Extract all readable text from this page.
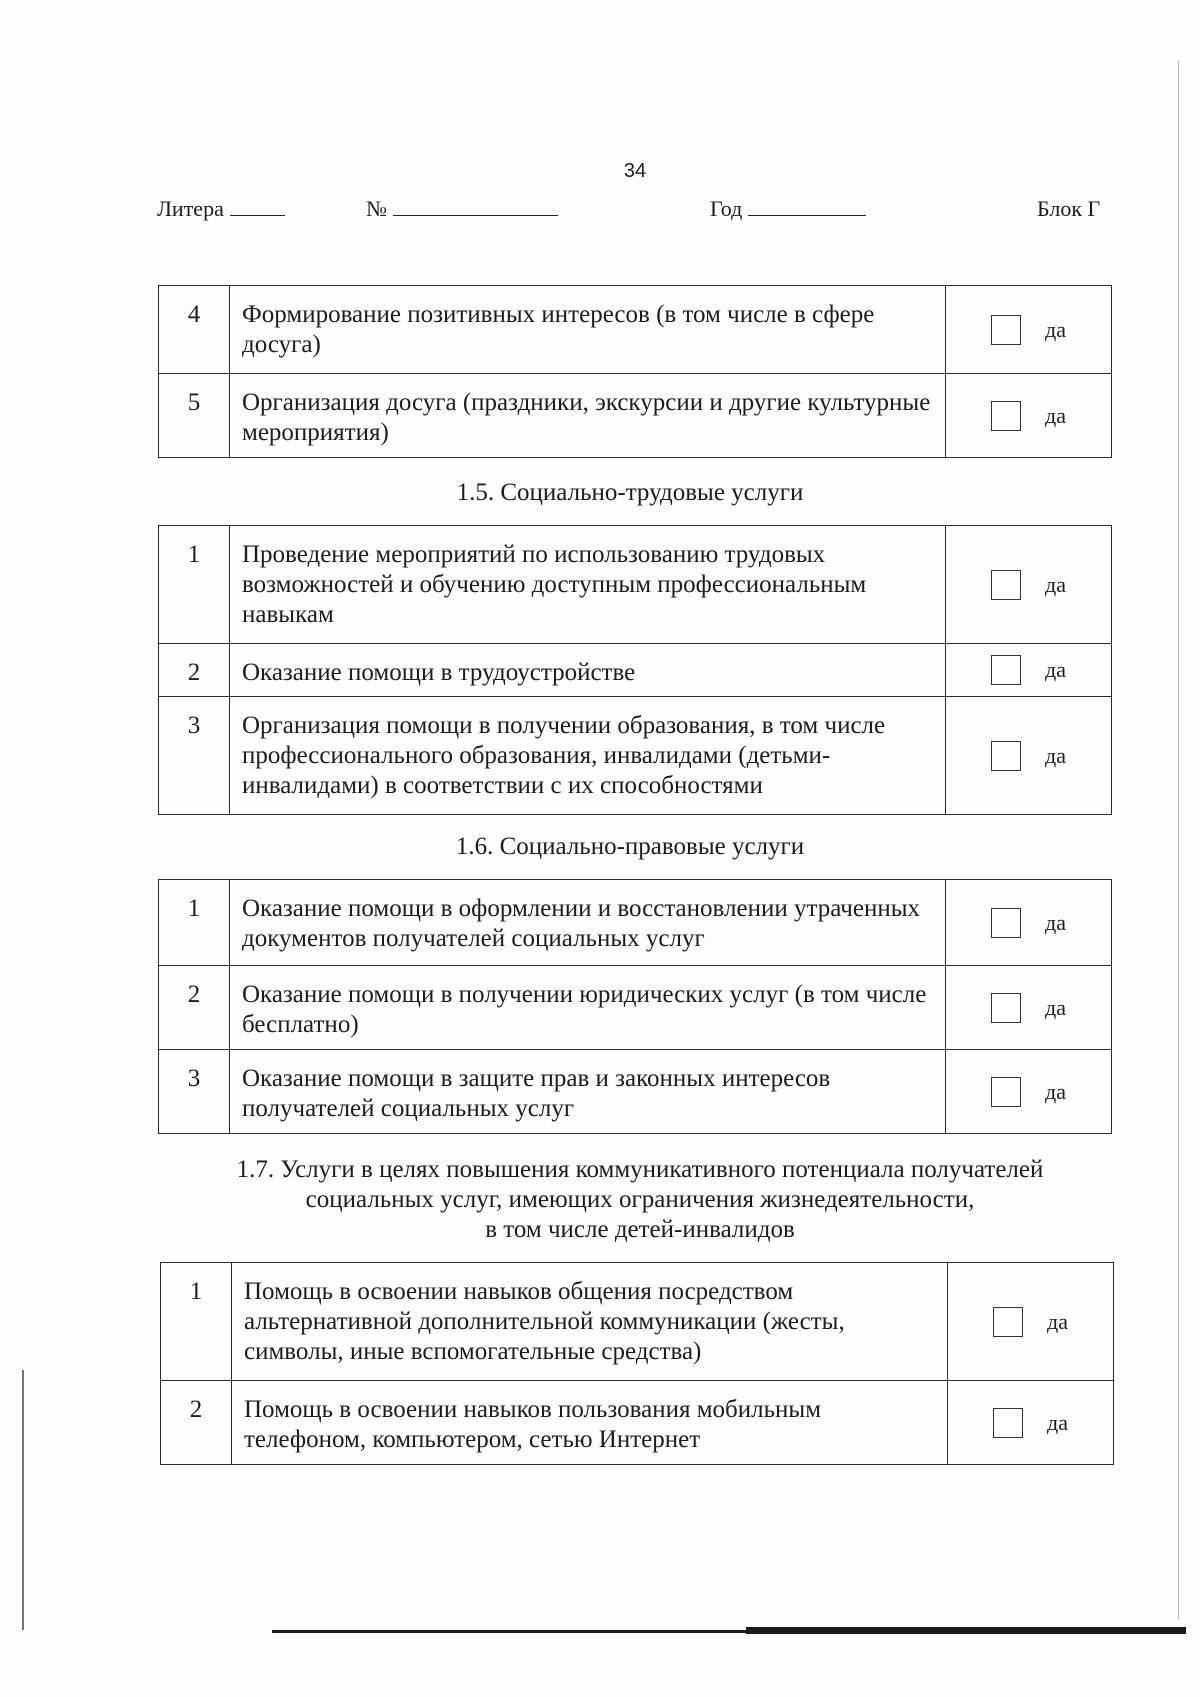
34
Литера	№	Год	Блок Г
4	Формирование позитивных интересов (в том числе в сфере досуга)	да

5	Организация досуга (праздники, экскурсии и другие культурные мероприятия)	да
1.5. Социально-трудовые услуги
1	Проведение мероприятий по использованию трудовых возможностей и обучению доступным профессиональным навыкам	да

2	Оказание помощи в трудоустройстве	да

3	Организация помощи в получении образования, в том числе профессионального образования, инвалидами (детьми-инвалидами) в соответствии с их способностями	да
1.6. Социально-правовые услуги
1	Оказание помощи в оформлении и восстановлении утраченных документов получателей социальных услуг	да

2	Оказание помощи в получении юридических услуг (в том числе бесплатно)	да

3	Оказание помощи в защите прав и законных интересов получателей социальных услуг	да
1.7. Услуги в целях повышения коммуникативного потенциала получателей
социальных услуг, имеющих ограничения жизнедеятельности,
в том числе детей-инвалидов
1	Помощь в освоении навыков общения посредством альтернативной дополнительной коммуникации (жесты, символы, иные вспомогательные средства)	да

2	Помощь в освоении навыков пользования мобильным телефоном, компьютером, сетью Интернет	да
